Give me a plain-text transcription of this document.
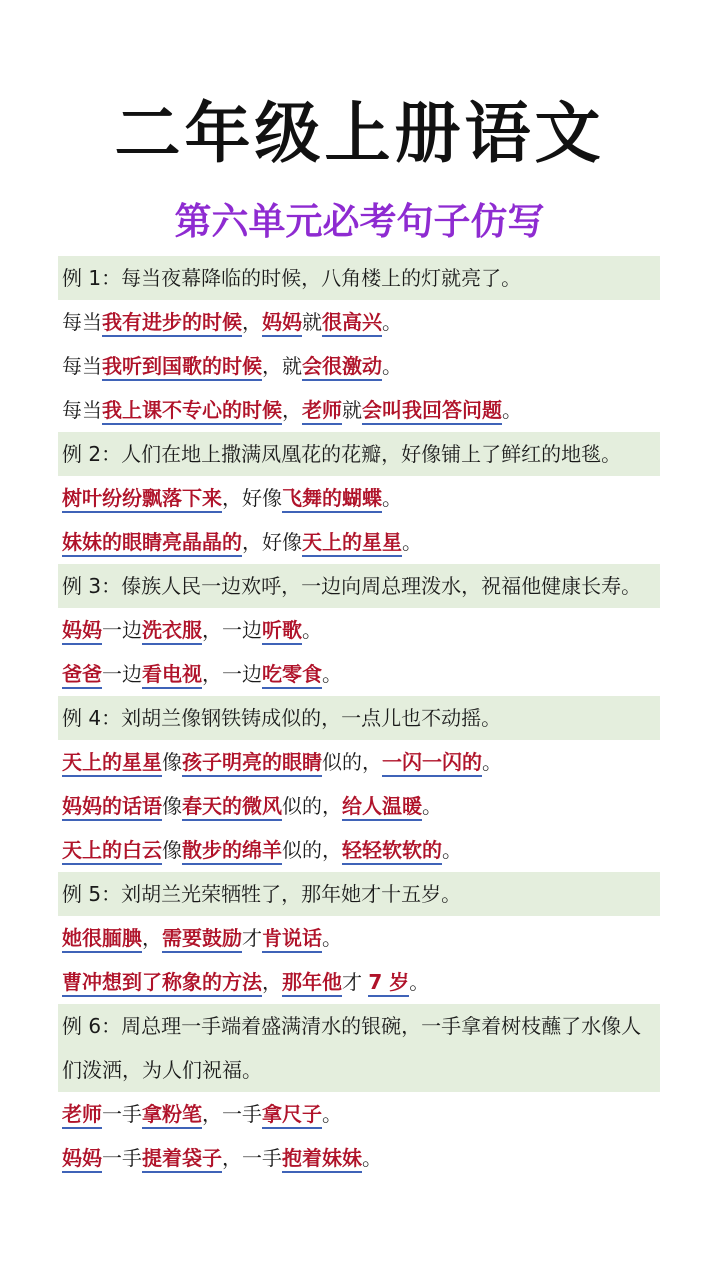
二年级上册语文
第六单元必考句子仿写
例 1：每当夜幕降临的时候，八角楼上的灯就亮了。
每当我有进步的时候，妈妈就很高兴。
每当我听到国歌的时候，就会很激动。
每当我上课不专心的时候，老师就会叫我回答问题。
例 2：人们在地上撒满凤凰花的花瓣，好像铺上了鲜红的地毯。
树叶纷纷飘落下来，好像飞舞的蝴蝶。
妹妹的眼睛亮晶晶的，好像天上的星星。
例 3：傣族人民一边欢呼，一边向周总理泼水，祝福他健康长寿。
妈妈一边洗衣服，一边听歌。
爸爸一边看电视，一边吃零食。
例 4：刘胡兰像钢铁铸成似的，一点儿也不动摇。
天上的星星像孩子明亮的眼睛似的，一闪一闪的。
妈妈的话语像春天的微风似的，给人温暖。
天上的白云像散步的绵羊似的，轻轻软软的。
例 5：刘胡兰光荣牺牲了，那年她才十五岁。
她很腼腆，需要鼓励才肯说话。
曹冲想到了称象的方法，那年他才 7 岁。
例 6：周总理一手端着盛满清水的银碗，一手拿着树枝蘸了水像人们泼洒，为人们祝福。
老师一手拿粉笔，一手拿尺子。
妈妈一手提着袋子，一手抱着妹妹。
